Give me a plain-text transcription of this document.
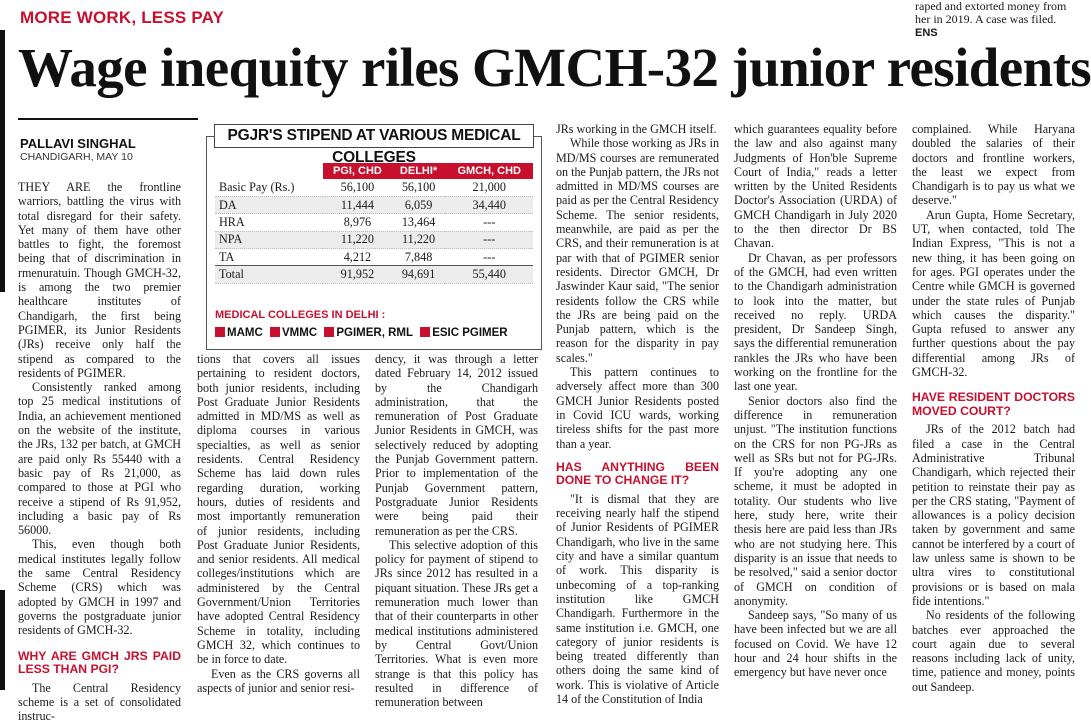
MORE WORK, LESS PAY
Wage inequity riles GMCH-32 junior residents
raped and extorted money from
her in 2019. A case was filed. ENS
PALLAVI SINGHAL
CHANDIGARH, MAY 10

THEY ARE the frontline warriors, battling the virus with total disregard for their safety. Yet many of them have other battles to fight, the foremost being that of discrimination in rmenuratuin. Though GMCH-32, is among the two premier healthcare institutes of Chandigarh, the first being PGIMER, its Junior Residents (JRs) receive only half the stipend as compared to the residents of PGIMER.

Consistently ranked among top 25 medical institutions of India, an achievement mentioned on the website of the institute, the JRs, 132 per batch, at GMCH are paid only Rs 55440 with a basic pay of Rs 21,000, as compared to those at PGI who receive a stipend of Rs 91,952, including a basic pay of Rs 56000.

This, even though both medical institutes legally follow the same Central Residency Scheme (CRS) which was adopted by GMCH in 1997 and governs the postgraduate junior residents of GMCH-32.

WHY ARE GMCH JRS PAID LESS THAN PGI?

The Central Residency scheme is a set of consolidated instruc-

	PGI, CHD	DELHI*	GMCH, CHD
Basic Pay (Rs.)	56,100	56,100	21,000
DA	11,444	6,059	34,440
HRA	8,976	13,464	---
NPA	11,220	11,220	---
TA	4,212	7,848	---
Total	91,952	94,691	55,440
MEDICAL COLLEGES IN DELHI :
MAMC VMMC PGIMER, RML ESIC PGIMER
PGJR'S STIPEND AT VARIOUS MEDICAL COLLEGES

tions that covers all issues pertaining to resident doctors, both junior residents, including Post Graduate Junior Residents admitted in MD/MS as well as diploma courses in various specialties, as well as senior residents. Central Residency Scheme has laid down rules regarding duration, working hours, duties of residents and most importantly remuneration of junior residents, including Post Graduate Junior Residents, and senior residents. All medical colleges/institutions which are administered by the Central Government/Union Territories have adopted Central Residency Scheme in totality, including GMCH 32, which continues to be in force to date.

Even as the CRS governs all aspects of junior and senior resi-

dency, it was through a letter dated February 14, 2012 issued by the Chandigarh administration, that the remuneration of Post Graduate Junior Residents in GMCH, was selectively reduced by adopting the Punjab Government pattern. Prior to implementation of the Punjab Government pattern, Postgraduate Junior Residents were being paid their remuneration as per the CRS.

This selective adoption of this policy for payment of stipend to JRs since 2012 has resulted in a piquant situation. These JRs get a remuneration much lower than that of their counterparts in other medical institutions administered by Central Govt/Union Territories. What is even more strange is that this policy has resulted in difference of remuneration between

JRs working in the GMCH itself.

While those working as JRs in MD/MS courses are remunerated on the Punjab pattern, the JRs not admitted in MD/MS courses are paid as per the Central Residency Scheme. The senior residents, meanwhile, are paid as per the CRS, and their remuneration is at par with that of PGIMER senior residents. Director GMCH, Dr Jaswinder Kaur said, "The senior residents follow the CRS while the JRs are being paid on the Punjab pattern, which is the reason for the disparity in pay scales."

This pattern continues to adversely affect more than 300 GMCH Junior Residents posted in Covid ICU wards, working tireless shifts for the past more than a year.

HAS ANYTHING BEEN DONE TO CHANGE IT?

"It is dismal that they are receiving nearly half the stipend of Junior Residents of PGIMER Chandigarh, who live in the same city and have a similar quantum of work. This disparity is unbecoming of a top-ranking institution like GMCH Chandigarh. Furthermore in the same institution i.e. GMCH, one category of junior residents is being treated differently than others doing the same kind of work. This is violative of Article 14 of the Constitution of India

which guarantees equality before the law and also against many Judgments of Hon'ble Supreme Court of India," reads a letter written by the United Residents Doctor's Association (URDA) of GMCH Chandigarh in July 2020 to the then director Dr BS Chavan.

Dr Chavan, as per professors of the GMCH, had even written to the Chandigarh administration to look into the matter, but received no reply. URDA president, Dr Sandeep Singh, says the differential remuneration rankles the JRs who have been working on the frontline for the last one year.

Senior doctors also find the difference in remuneration unjust. "The institution functions on the CRS for non PG-JRs as well as SRs but not for PG-JRs. If you're adopting any one scheme, it must be adopted in totality. Our students who live here, study here, write their thesis here are paid less than JRs who are not studying here. This disparity is an issue that needs to be resolved," said a senior doctor of GMCH on condition of anonymity.

Sandeep says, "So many of us have been infected but we are all focused on Covid. We have 12 hour and 24 hour shifts in the emergency but have never once

complained. While Haryana doubled the salaries of their doctors and frontline workers, the least we expect from Chandigarh is to pay us what we deserve."

Arun Gupta, Home Secretary, UT, when contacted, told The Indian Express, "This is not a new thing, it has been going on for ages. PGI operates under the Centre while GMCH is governed under the state rules of Punjab which causes the disparity." Gupta refused to answer any further questions about the pay differential among JRs of GMCH-32.

HAVE RESIDENT DOCTORS MOVED COURT?

JRs of the 2012 batch had filed a case in the Central Administrative Tribunal Chandigarh, which rejected their petition to reinstate their pay as per the CRS stating, "Payment of allowances is a policy decision taken by government and same cannot be interfered by a court of law unless same is shown to be ultra vires to constitutional provisions or is based on mala fide intentions."

No residents of the following batches ever approached the court again due to several reasons including lack of unity, time, patience and money, points out Sandeep.
